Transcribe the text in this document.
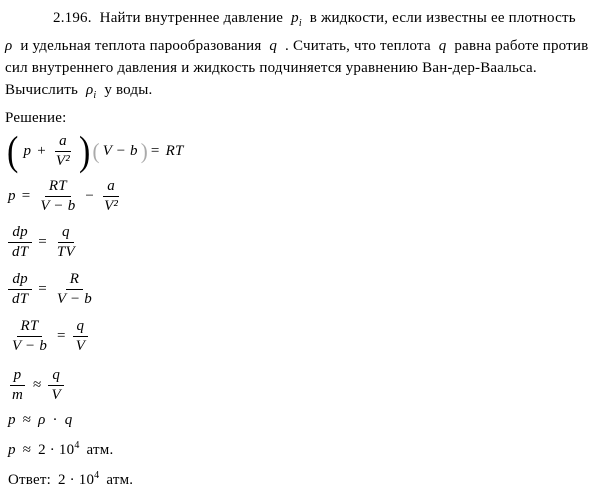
2.196. Найти внутреннее давление $p_i$ в жидкости, если известны ее плотность
ρ и удельная теплота парообразования q . Считать, что теплота q равна работе против
сил внутреннего давления и жидкость подчиняется уравнению Ван-дер-Ваальса.
Вычислить $\rho_i$ у воды.
Решение:
( $p + \frac{a}{\text{V²}}$ ) ( V − b ) = RT
$p = \frac{RT}{V - b} - \frac{a}{\text{V²}}$
$\frac{dp}{dT} = \frac{q}{TV}$
$\frac{dp}{dT} = \frac{R}{V - b}$
$\frac{RT}{V - b} = \frac{q}{V}$
$\frac{p}{m} \approx \frac{q}{V}$
p ≈ ρ · q
$p \approx 2 \cdot 10^4$ атм.
Ответ: $2 \cdot 10^4$ атм.
